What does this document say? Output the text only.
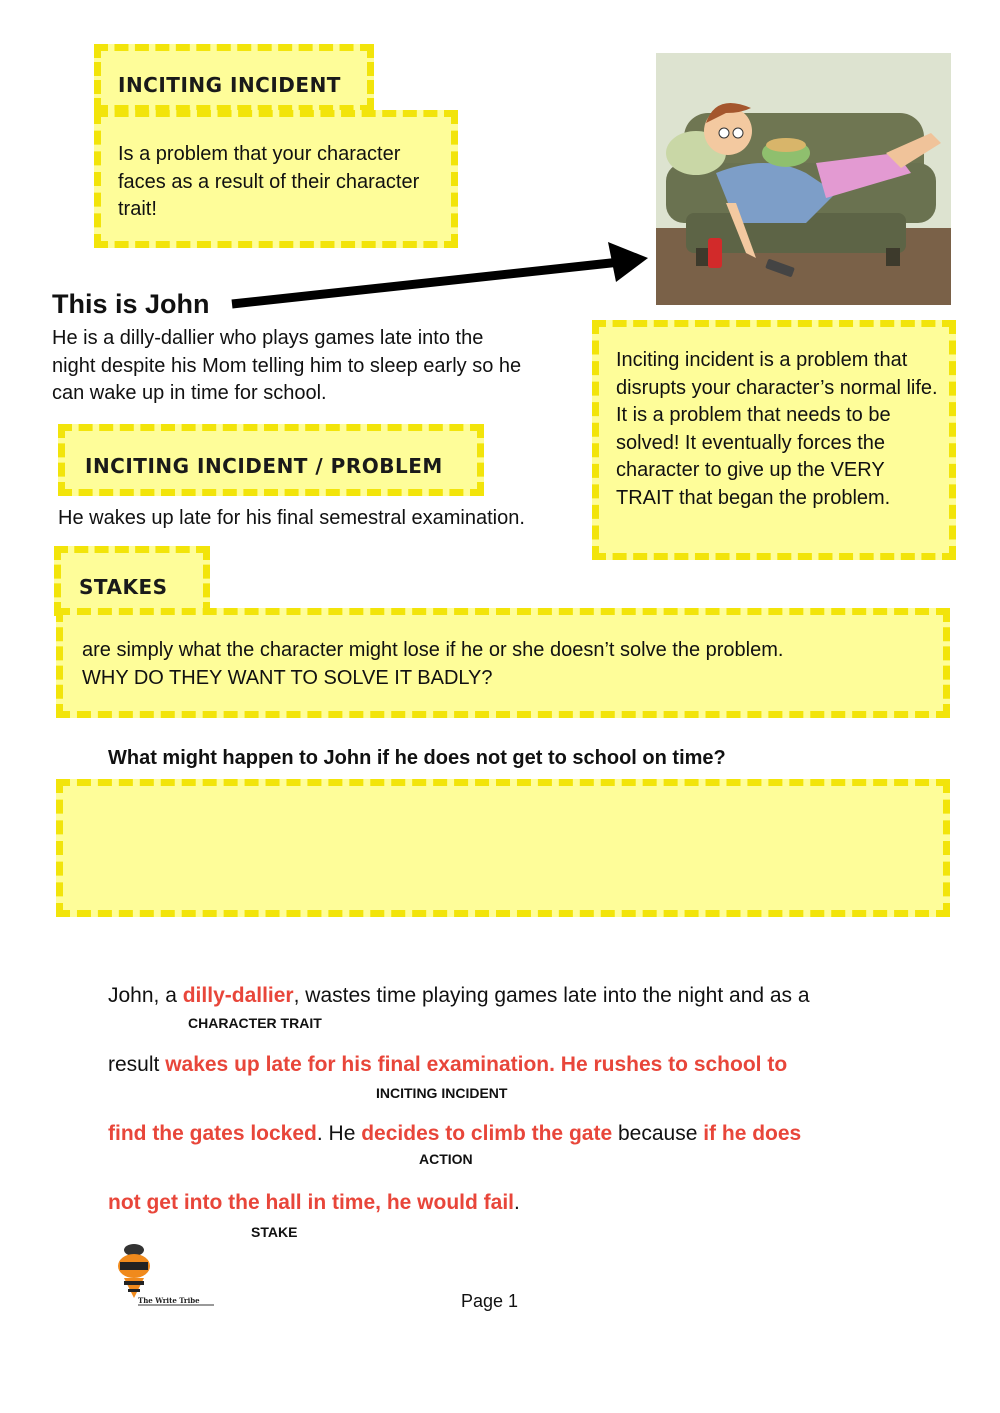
INCITING INCIDENT
Is a problem that your character faces as a result of their character trait!
This is John
He is a dilly-dallier who plays games late into the night despite his Mom telling him to sleep early so he can wake up in time for school.
Inciting incident is a problem that disrupts your character’s normal life. It is a problem that needs to be solved! It eventually forces the character to give up the VERY TRAIT that began the problem.
INCITING INCIDENT / PROBLEM
He wakes up late for his final semestral examination.
STAKES
are simply what the character might lose if he or she doesn’t solve the problem.
WHY DO THEY WANT TO SOLVE IT BADLY?
What might happen to John if he does not get to school on time?
John, a dilly-dallier, wastes time playing games late into the night and as a
CHARACTER TRAIT
result wakes up late for his final examination. He rushes to school to
INCITING INCIDENT
find the gates locked. He decides to climb the gate because if he does
ACTION
not get into the hall in time, he would fail.
STAKE
The Write Tribe	Page 1
